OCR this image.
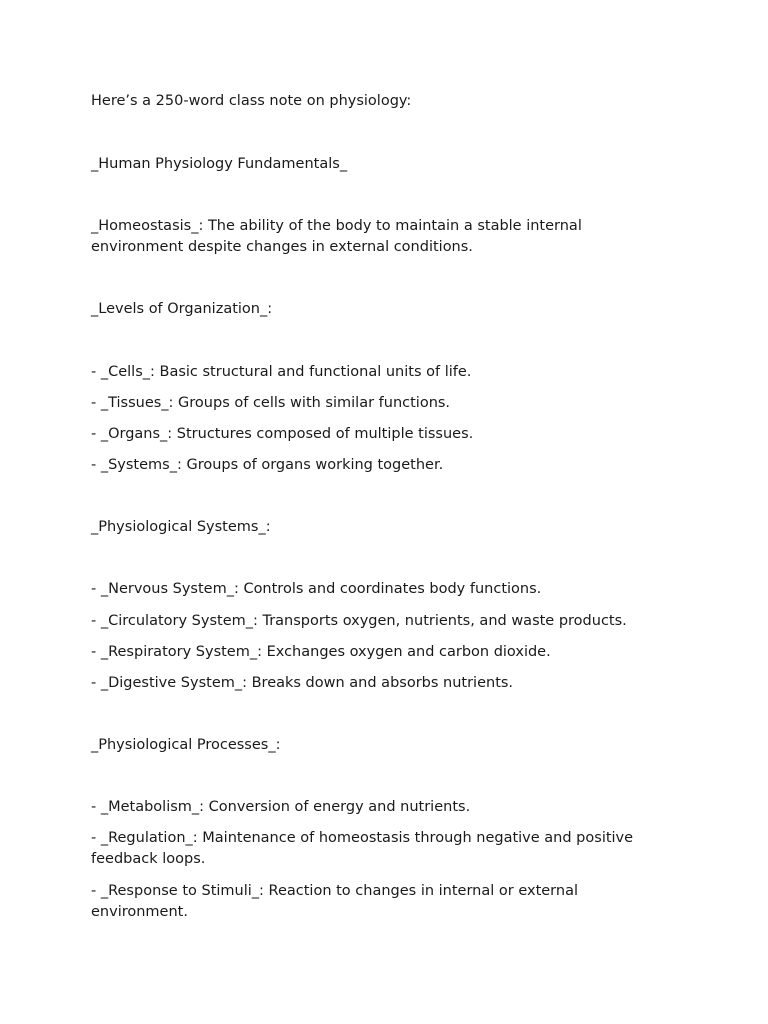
Here’s a 250-word class note on physiology:

_Human Physiology Fundamentals_

_Homeostasis_: The ability of the body to maintain a stable internal environment despite changes in external conditions.

_Levels of Organization_:

- _Cells_: Basic structural and functional units of life.

- _Tissues_: Groups of cells with similar functions.

- _Organs_: Structures composed of multiple tissues.

- _Systems_: Groups of organs working together.

_Physiological Systems_:

- _Nervous System_: Controls and coordinates body functions.

- _Circulatory System_: Transports oxygen, nutrients, and waste products.

- _Respiratory System_: Exchanges oxygen and carbon dioxide.

- _Digestive System_: Breaks down and absorbs nutrients.

_Physiological Processes_:

- _Metabolism_: Conversion of energy and nutrients.

- _Regulation_: Maintenance of homeostasis through negative and positive feedback loops.

- _Response to Stimuli_: Reaction to changes in internal or external environment.
